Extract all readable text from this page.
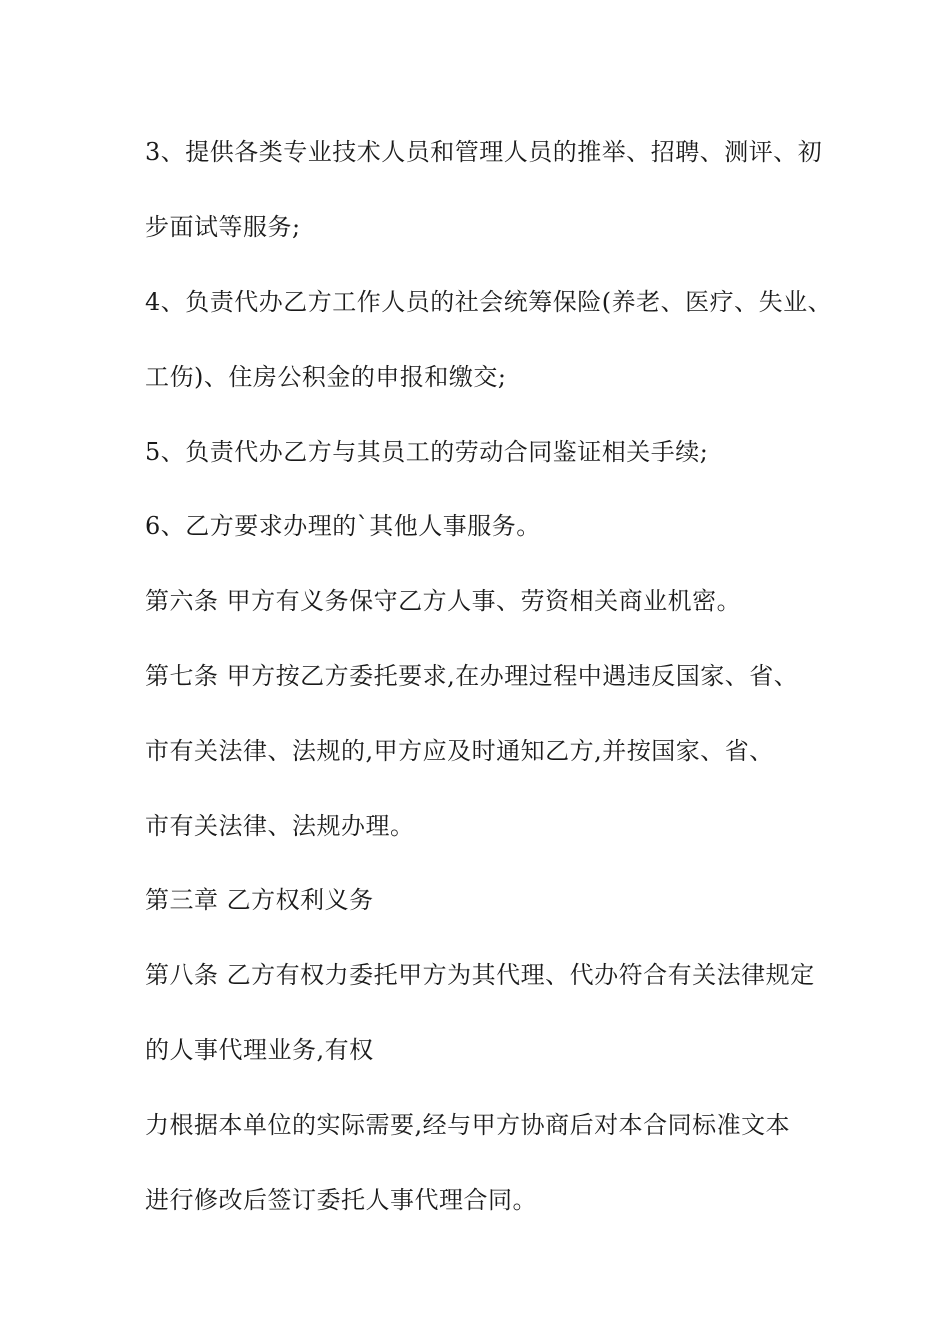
3、提供各类专业技术人员和管理人员的推举、招聘、测评、初
步面试等服务;
4、负责代办乙方工作人员的社会统筹保险(养老、医疗、失业、
工伤)、住房公积金的申报和缴交;
5、负责代办乙方与其员工的劳动合同鉴证相关手续;
6、乙方要求办理的`其他人事服务。
第六条 甲方有义务保守乙方人事、劳资相关商业机密。
第七条 甲方按乙方委托要求,在办理过程中遇违反国家、省、
市有关法律、法规的,甲方应及时通知乙方,并按国家、省、
市有关法律、法规办理。
第三章 乙方权利义务
第八条 乙方有权力委托甲方为其代理、代办符合有关法律规定
的人事代理业务,有权
力根据本单位的实际需要,经与甲方协商后对本合同标准文本
进行修改后签订委托人事代理合同。
